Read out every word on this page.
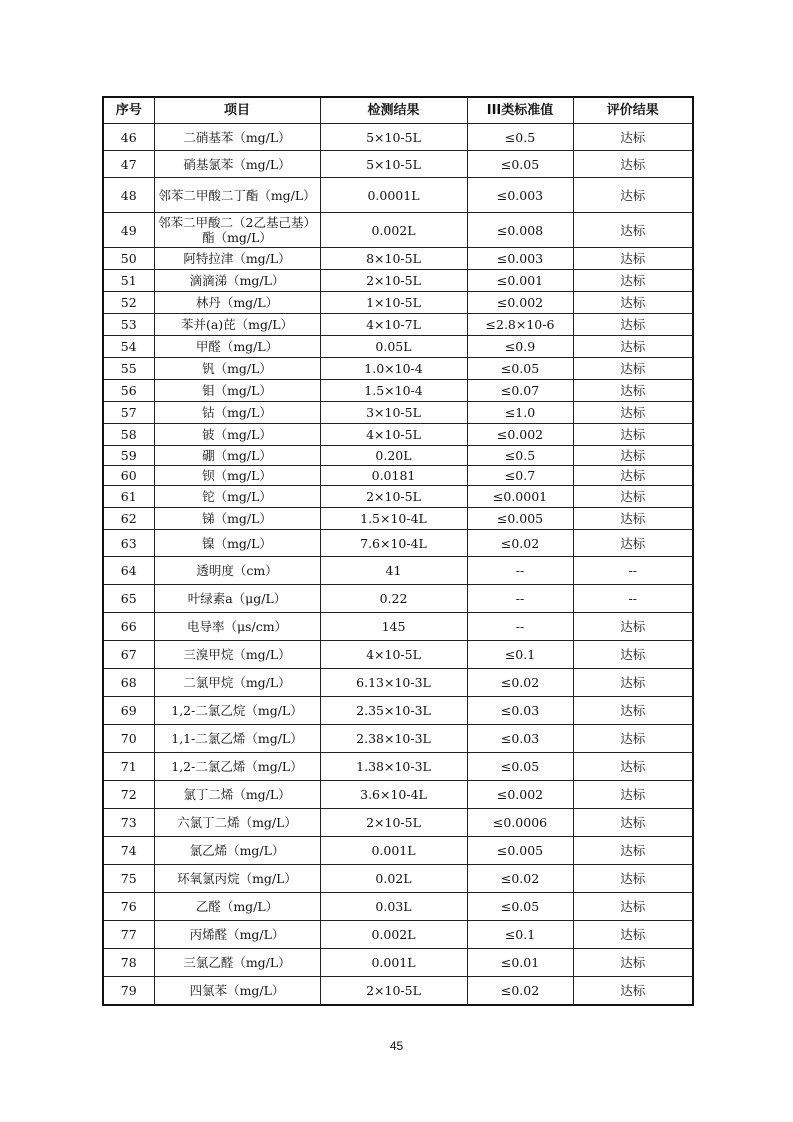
序号	项目	检测结果	III类标准值	评价结果
46	二硝基苯（mg/L）	5×10-5L	≤0.5	达标
47	硝基氯苯（mg/L）	5×10-5L	≤0.05	达标
48	邻苯二甲酸二丁酯（mg/L）	0.0001L	≤0.003	达标
49	邻苯二甲酸二（2乙基己基）酯（mg/L）	0.002L	≤0.008	达标
50	阿特拉津（mg/L）	8×10-5L	≤0.003	达标
51	滴滴涕（mg/L）	2×10-5L	≤0.001	达标
52	林丹（mg/L）	1×10-5L	≤0.002	达标
53	苯并(a)芘（mg/L）	4×10-7L	≤2.8×10-6	达标
54	甲醛（mg/L）	0.05L	≤0.9	达标
55	钒（mg/L）	1.0×10-4	≤0.05	达标
56	钼（mg/L）	1.5×10-4	≤0.07	达标
57	钴（mg/L）	3×10-5L	≤1.0	达标
58	铍（mg/L）	4×10-5L	≤0.002	达标
59	硼（mg/L）	0.20L	≤0.5	达标
60	钡（mg/L）	0.0181	≤0.7	达标
61	铊（mg/L）	2×10-5L	≤0.0001	达标
62	锑（mg/L）	1.5×10-4L	≤0.005	达标
63	镍（mg/L）	7.6×10-4L	≤0.02	达标
64	透明度（cm）	41	--	--
65	叶绿素a（μg/L）	0.22	--	--
66	电导率（μs/cm）	145	--	达标
67	三溴甲烷（mg/L）	4×10-5L	≤0.1	达标
68	二氯甲烷（mg/L）	6.13×10-3L	≤0.02	达标
69	1,2-二氯乙烷（mg/L）	2.35×10-3L	≤0.03	达标
70	1,1-二氯乙烯（mg/L）	2.38×10-3L	≤0.03	达标
71	1,2-二氯乙烯（mg/L）	1.38×10-3L	≤0.05	达标
72	氯丁二烯（mg/L）	3.6×10-4L	≤0.002	达标
73	六氯丁二烯（mg/L）	2×10-5L	≤0.0006	达标
74	氯乙烯（mg/L）	0.001L	≤0.005	达标
75	环氧氯丙烷（mg/L）	0.02L	≤0.02	达标
76	乙醛（mg/L）	0.03L	≤0.05	达标
77	丙烯醛（mg/L）	0.002L	≤0.1	达标
78	三氯乙醛（mg/L）	0.001L	≤0.01	达标
79	四氯苯（mg/L）	2×10-5L	≤0.02	达标
45
